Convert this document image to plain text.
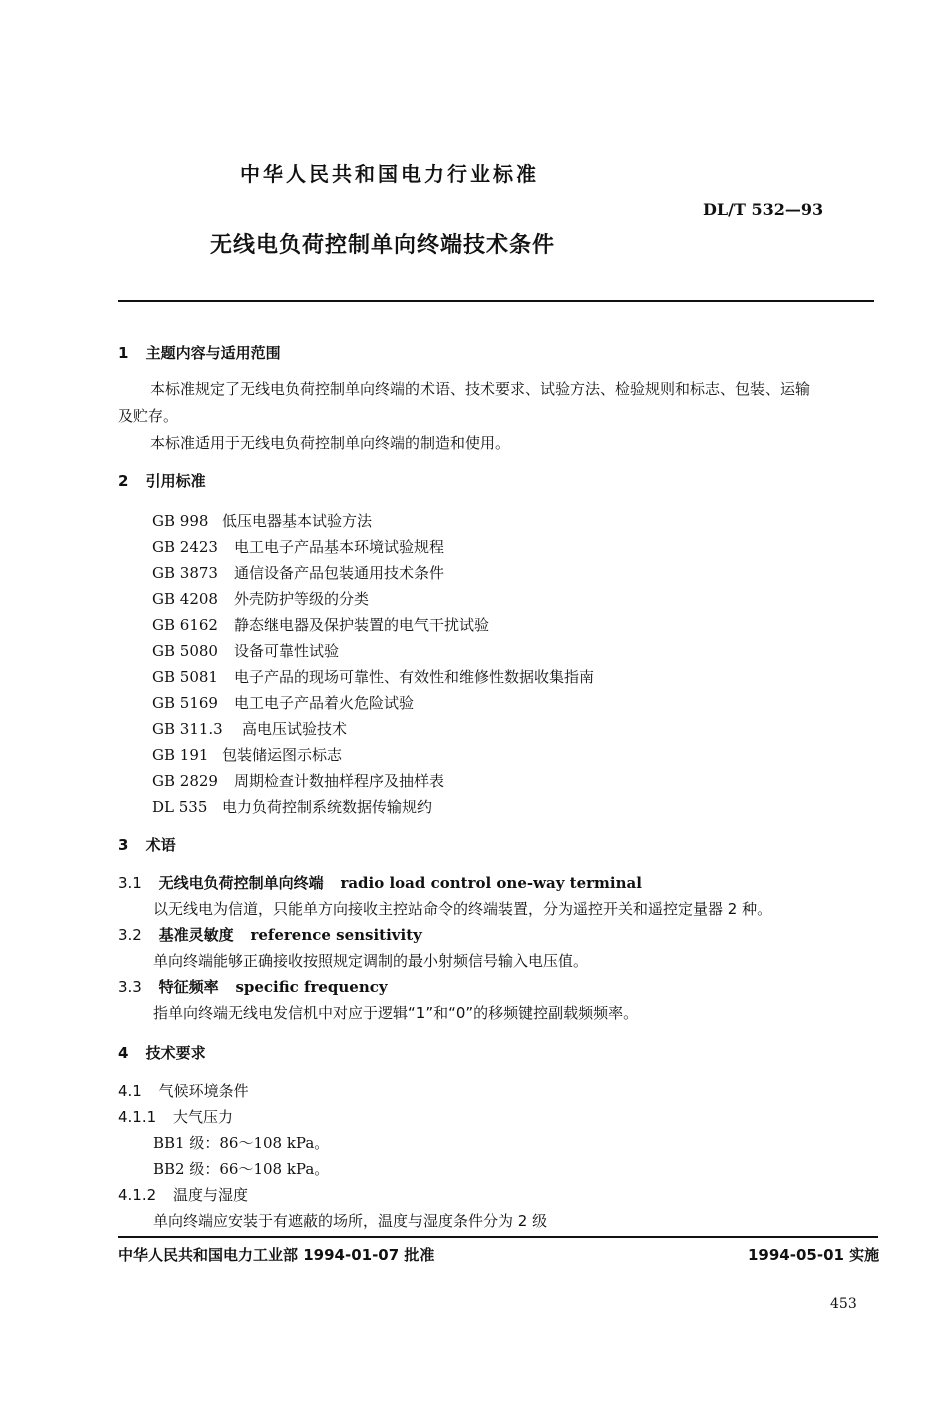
中华人民共和国电力行业标准
DL/T 532—93
无线电负荷控制单向终端技术条件
1 主题内容与适用范围
本标准规定了无线电负荷控制单向终端的术语、技术要求、试验方法、检验规则和标志、包装、运输
及贮存。
本标准适用于无线电负荷控制单向终端的制造和使用。
2 引用标准
GB 998 低压电器基本试验方法
GB 2423 电工电子产品基本环境试验规程
GB 3873 通信设备产品包装通用技术条件
GB 4208 外壳防护等级的分类
GB 6162 静态继电器及保护装置的电气干扰试验
GB 5080 设备可靠性试验
GB 5081 电子产品的现场可靠性、有效性和维修性数据收集指南
GB 5169 电工电子产品着火危险试验
GB 311.3 高电压试验技术
GB 191 包装储运图示标志
GB 2829 周期检查计数抽样程序及抽样表
DL 535 电力负荷控制系统数据传输规约
3 术语
3.1 无线电负荷控制单向终端 radio load control one-way terminal
以无线电为信道，只能单方向接收主控站命令的终端装置，分为遥控开关和遥控定量器 2 种。
3.2 基准灵敏度 reference sensitivity
单向终端能够正确接收按照规定调制的最小射频信号输入电压值。
3.3 特征频率 specific frequency
指单向终端无线电发信机中对应于逻辑“1”和“0”的移频键控副载频频率。
4 技术要求
4.1 气候环境条件
4.1.1 大气压力
BB1 级：86～108 kPa。
BB2 级：66～108 kPa。
4.1.2 温度与湿度
单向终端应安装于有遮蔽的场所，温度与湿度条件分为 2 级
中华人民共和国电力工业部 1994-01-07 批准	1994-05-01 实施
453
